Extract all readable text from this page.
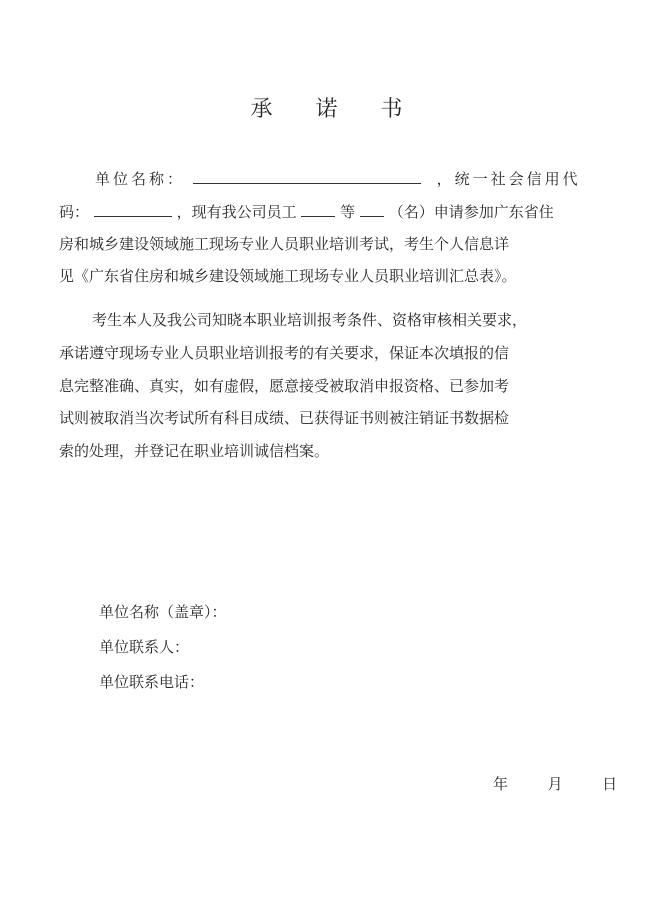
承 诺 书
单位名称：	，统一社会信用代
码：	，现有我公司员工	等 （名）申请参加广东省住
房和城乡建设领域施工现场专业人员职业培训考试，考生个人信息详
见《广东省住房和城乡建设领域施工现场专业人员职业培训汇总表》。
考生本人及我公司知晓本职业培训报考条件、资格审核相关要求，
承诺遵守现场专业人员职业培训报考的有关要求，保证本次填报的信
息完整准确、真实，如有虚假，愿意接受被取消申报资格、已参加考
试则被取消当次考试所有科目成绩、已获得证书则被注销证书数据检
索的处理，并登记在职业培训诚信档案。
单位名称（盖章）：
单位联系人：
单位联系电话：
年	月	日
